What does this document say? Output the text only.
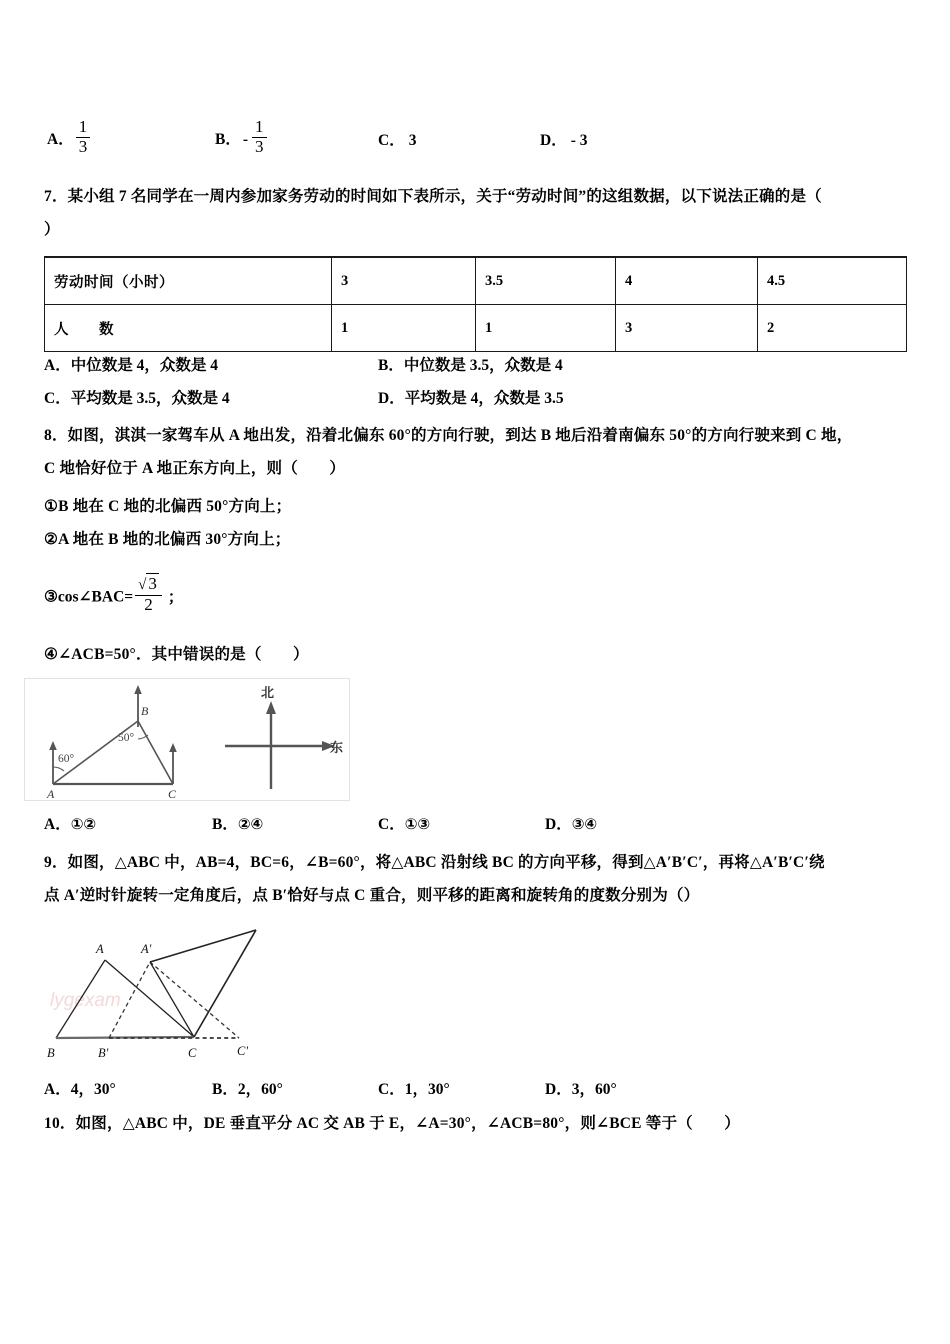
A． $\frac{1}{3}$	B． - $\frac{1}{3}$	C． 3	D． - 3
7．某小组 7 名同学在一周内参加家务劳动的时间如下表所示，关于“劳动时间”的这组数据，以下说法正确的是（
）
劳动时间（小时）	3	3.5	4	4.5
人　　数	1	1	3	2
A．中位数是 4，众数是 4	B．中位数是 3.5，众数是 4
C．平均数是 3.5，众数是 4	D．平均数是 4，众数是 3.5
8．如图，淇淇一家驾车从 A 地出发，沿着北偏东 60°的方向行驶，到达 B 地后沿着南偏东 50°的方向行驶来到 C 地，
C 地恰好位于 A 地正东方向上，则（　　）
①B 地在 C 地的北偏西 50°方向上；
②A 地在 B 地的北偏西 30°方向上；
③cos∠BAC= $\frac{√ 3}{2}$ ；
④∠ACB=50°．其中错误的是（　　）
A
B
C
60°
50°
北
东
A．①②	B．②④	C．①③	D．③④
9．如图，△ABC 中，AB=4，BC=6，∠B=60°，将△ABC 沿射线 BC 的方向平移，得到△A′B′C′，再将△A′B′C′绕
点 A′逆时针旋转一定角度后，点 B′恰好与点 C 重合，则平移的距离和旋转角的度数分别为（）
lygexam
A	A'
B	B'	C	C'
A．4，30°	B．2，60°	C．1，30°	D．3，60°
10．如图，△ABC 中，DE 垂直平分 AC 交 AB 于 E，∠A=30°，∠ACB=80°，则∠BCE 等于（　　）
